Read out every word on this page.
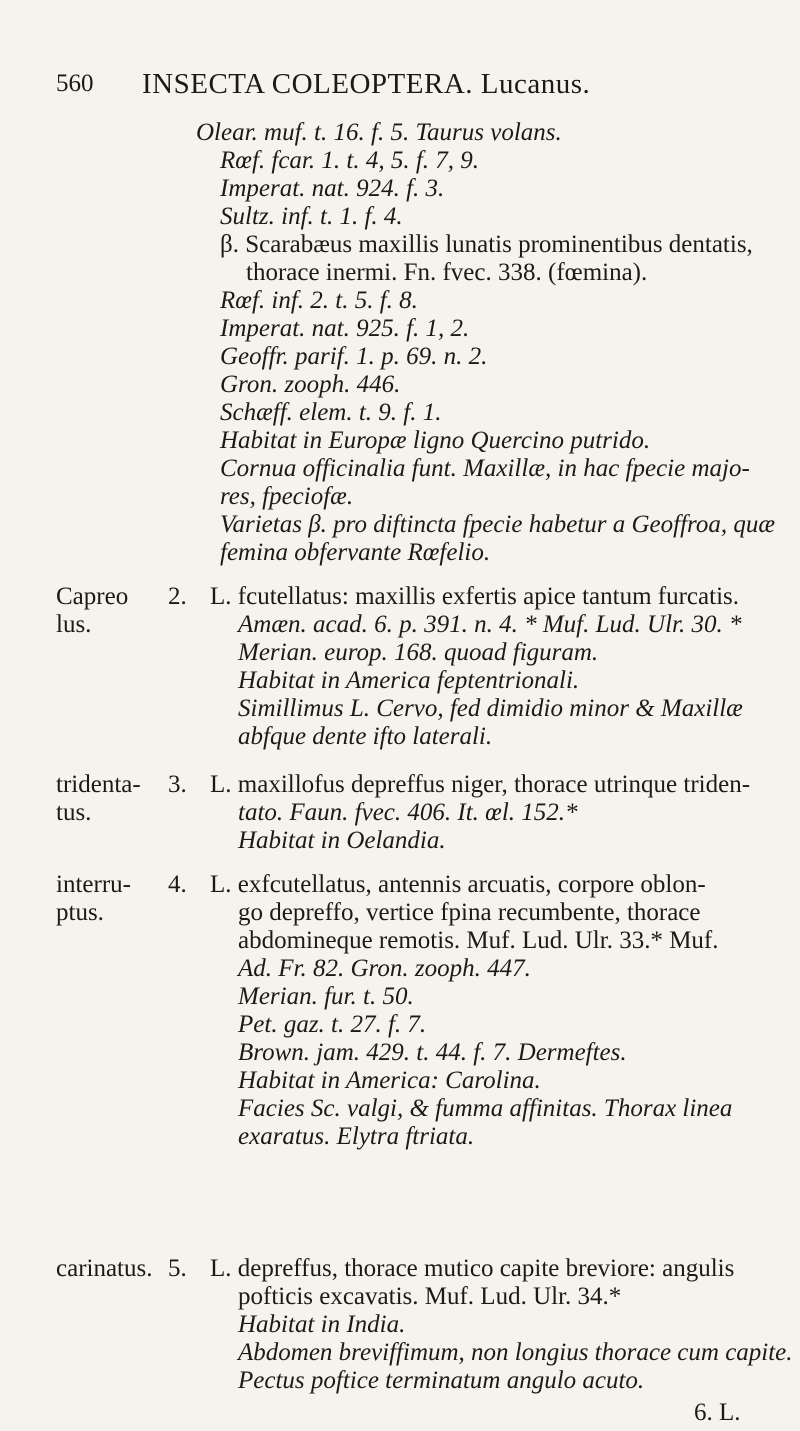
560 INSECTA COLEOPTERA. Lucanus.
Olear. muf. t. 16. f. 5. Taurus volans.
Rœf. fcar. 1. t. 4, 5. f. 7, 9.
Imperat. nat. 924. f. 3.
Sultz. inf. t. 1. f. 4.
β. Scarabæus maxillis lunatis prominentibus dentatis,
thorace inermi. Fn. fvec. 338. (fœmina).
Rœf. inf. 2. t. 5. f. 8.
Imperat. nat. 925. f. 1, 2.
Geoffr. parif. 1. p. 69. n. 2.
Gron. zooph. 446.
Schæff. elem. t. 9. f. 1.
Habitat in Europæ ligno Quercino putrido.
Cornua officinalia funt. Maxillæ, in hac fpecie majo-
res, fpeciofæ.
Varietas β. pro diftincta fpecie habetur a Geoffroa, quæ
femina obfervante Rœfelio.
Capreo
lus.
2. L. fcutellatus: maxillis exfertis apice tantum furcatis.
Amæn. acad. 6. p. 391. n. 4. * Muf. Lud. Ulr. 30. *
Merian. europ. 168. quoad figuram.
Habitat in America feptentrionali.
Simillimus L. Cervo, fed dimidio minor & Maxillæ
abfque dente ifto laterali.
tridenta-
tus.
3. L. maxillofus depreffus niger, thorace utrinque triden-
tato. Faun. fvec. 406. It. œl. 152.*
Habitat in Oelandia.
interru-
ptus.
4. L. exfcutellatus, antennis arcuatis, corpore oblon-
go depreffo, vertice fpina recumbente, thorace
abdomineque remotis. Muf. Lud. Ulr. 33.* Muf.
Ad. Fr. 82. Gron. zooph. 447.
Merian. fur. t. 50.
Pet. gaz. t. 27. f. 7.
Brown. jam. 429. t. 44. f. 7. Dermeftes.
Habitat in America: Carolina.
Facies Sc. valgi, & fumma affinitas. Thorax linea
exaratus. Elytra ftriata.
carinatus. 5. L. depreffus, thorace mutico capite breviore: angulis
pofticis excavatis. Muf. Lud. Ulr. 34.*
Habitat in India.
Abdomen breviffimum, non longius thorace cum capite.
Pectus poftice terminatum angulo acuto.
6. L.
